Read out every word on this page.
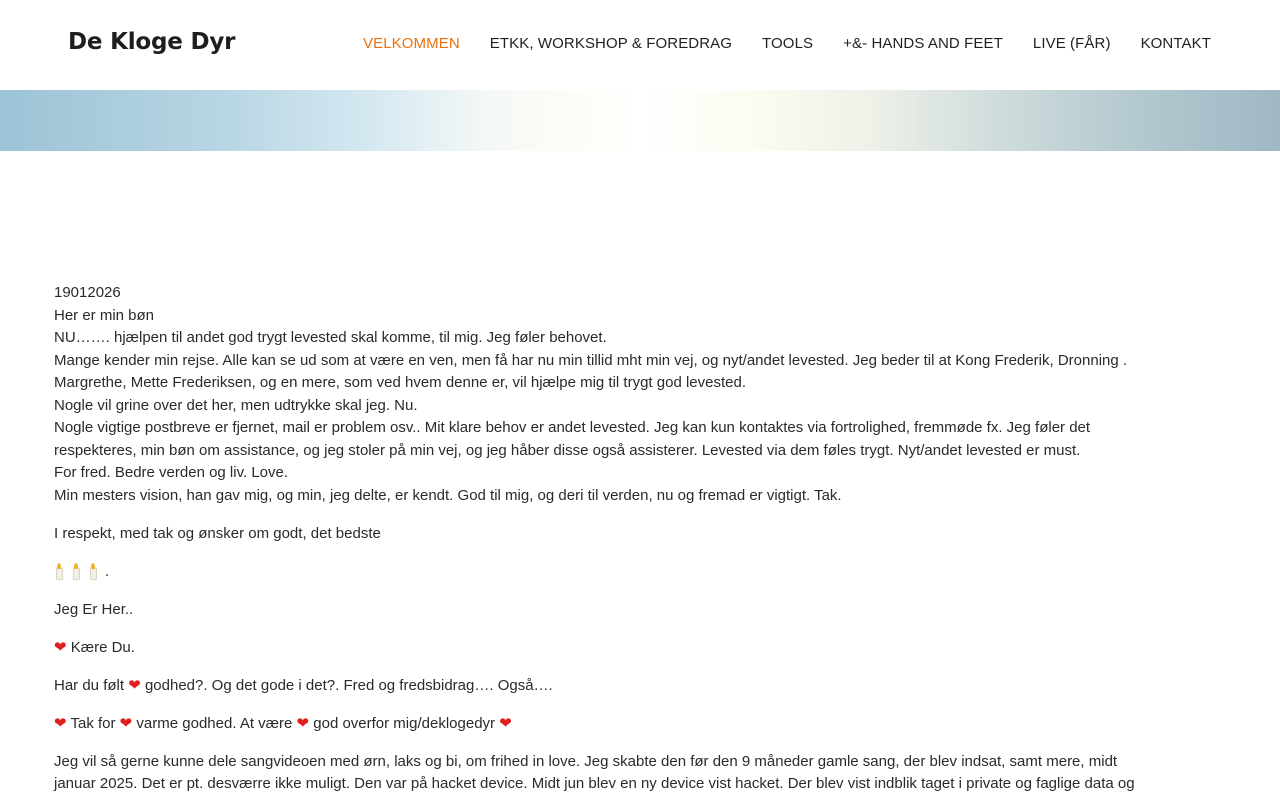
De Kloge Dyr	VELKOMMEN ETKK, WORKSHOP & FOREDRAG TOOLS +&- HANDS AND FEET LIVE (FÅR) KONTAKT

19012026
Her er min bøn
NU……. hjælpen til andet god trygt levested skal komme, til mig. Jeg føler behovet.
Mange kender min rejse. Alle kan se ud som at være en ven, men få har nu min tillid mht min vej, og nyt/andet levested. Jeg beder til at Kong Frederik, Dronning .
Margrethe, Mette Frederiksen, og en mere, som ved hvem denne er, vil hjælpe mig til trygt god levested.
Nogle vil grine over det her, men udtrykke skal jeg. Nu.
Nogle vigtige postbreve er fjernet, mail er problem osv.. Mit klare behov er andet levested. Jeg kan kun kontaktes via fortrolighed, fremmøde fx. Jeg føler det
respekteres, min bøn om assistance, og jeg stoler på min vej, og jeg håber disse også assisterer. Levested via dem føles trygt. Nyt/andet levested er must.
For fred. Bedre verden og liv. Love.
Min mesters vision, han gav mig, og min, jeg delte, er kendt. God til mig, og deri til verden, nu og fremad er vigtigt. Tak.

I respekt, med tak og ønsker om godt, det bedste

.

Jeg Er Her..

❤ Kære Du.

Har du følt ❤ godhed?. Og det gode i det?. Fred og fredsbidrag…. Også….

❤ Tak for ❤ varme godhed. At være ❤ god overfor mig/deklogedyr ❤

Jeg vil så gerne kunne dele sangvideoen med ørn, laks og bi, om frihed in love. Jeg skabte den før den 9 måneder gamle sang, der blev indsat, samt mere, midt
januar 2025. Det er pt. desværre ikke muligt. Den var på hacket device. Midt jun blev en ny device vist hacket. Der blev vist indblik taget i private og faglige data og
